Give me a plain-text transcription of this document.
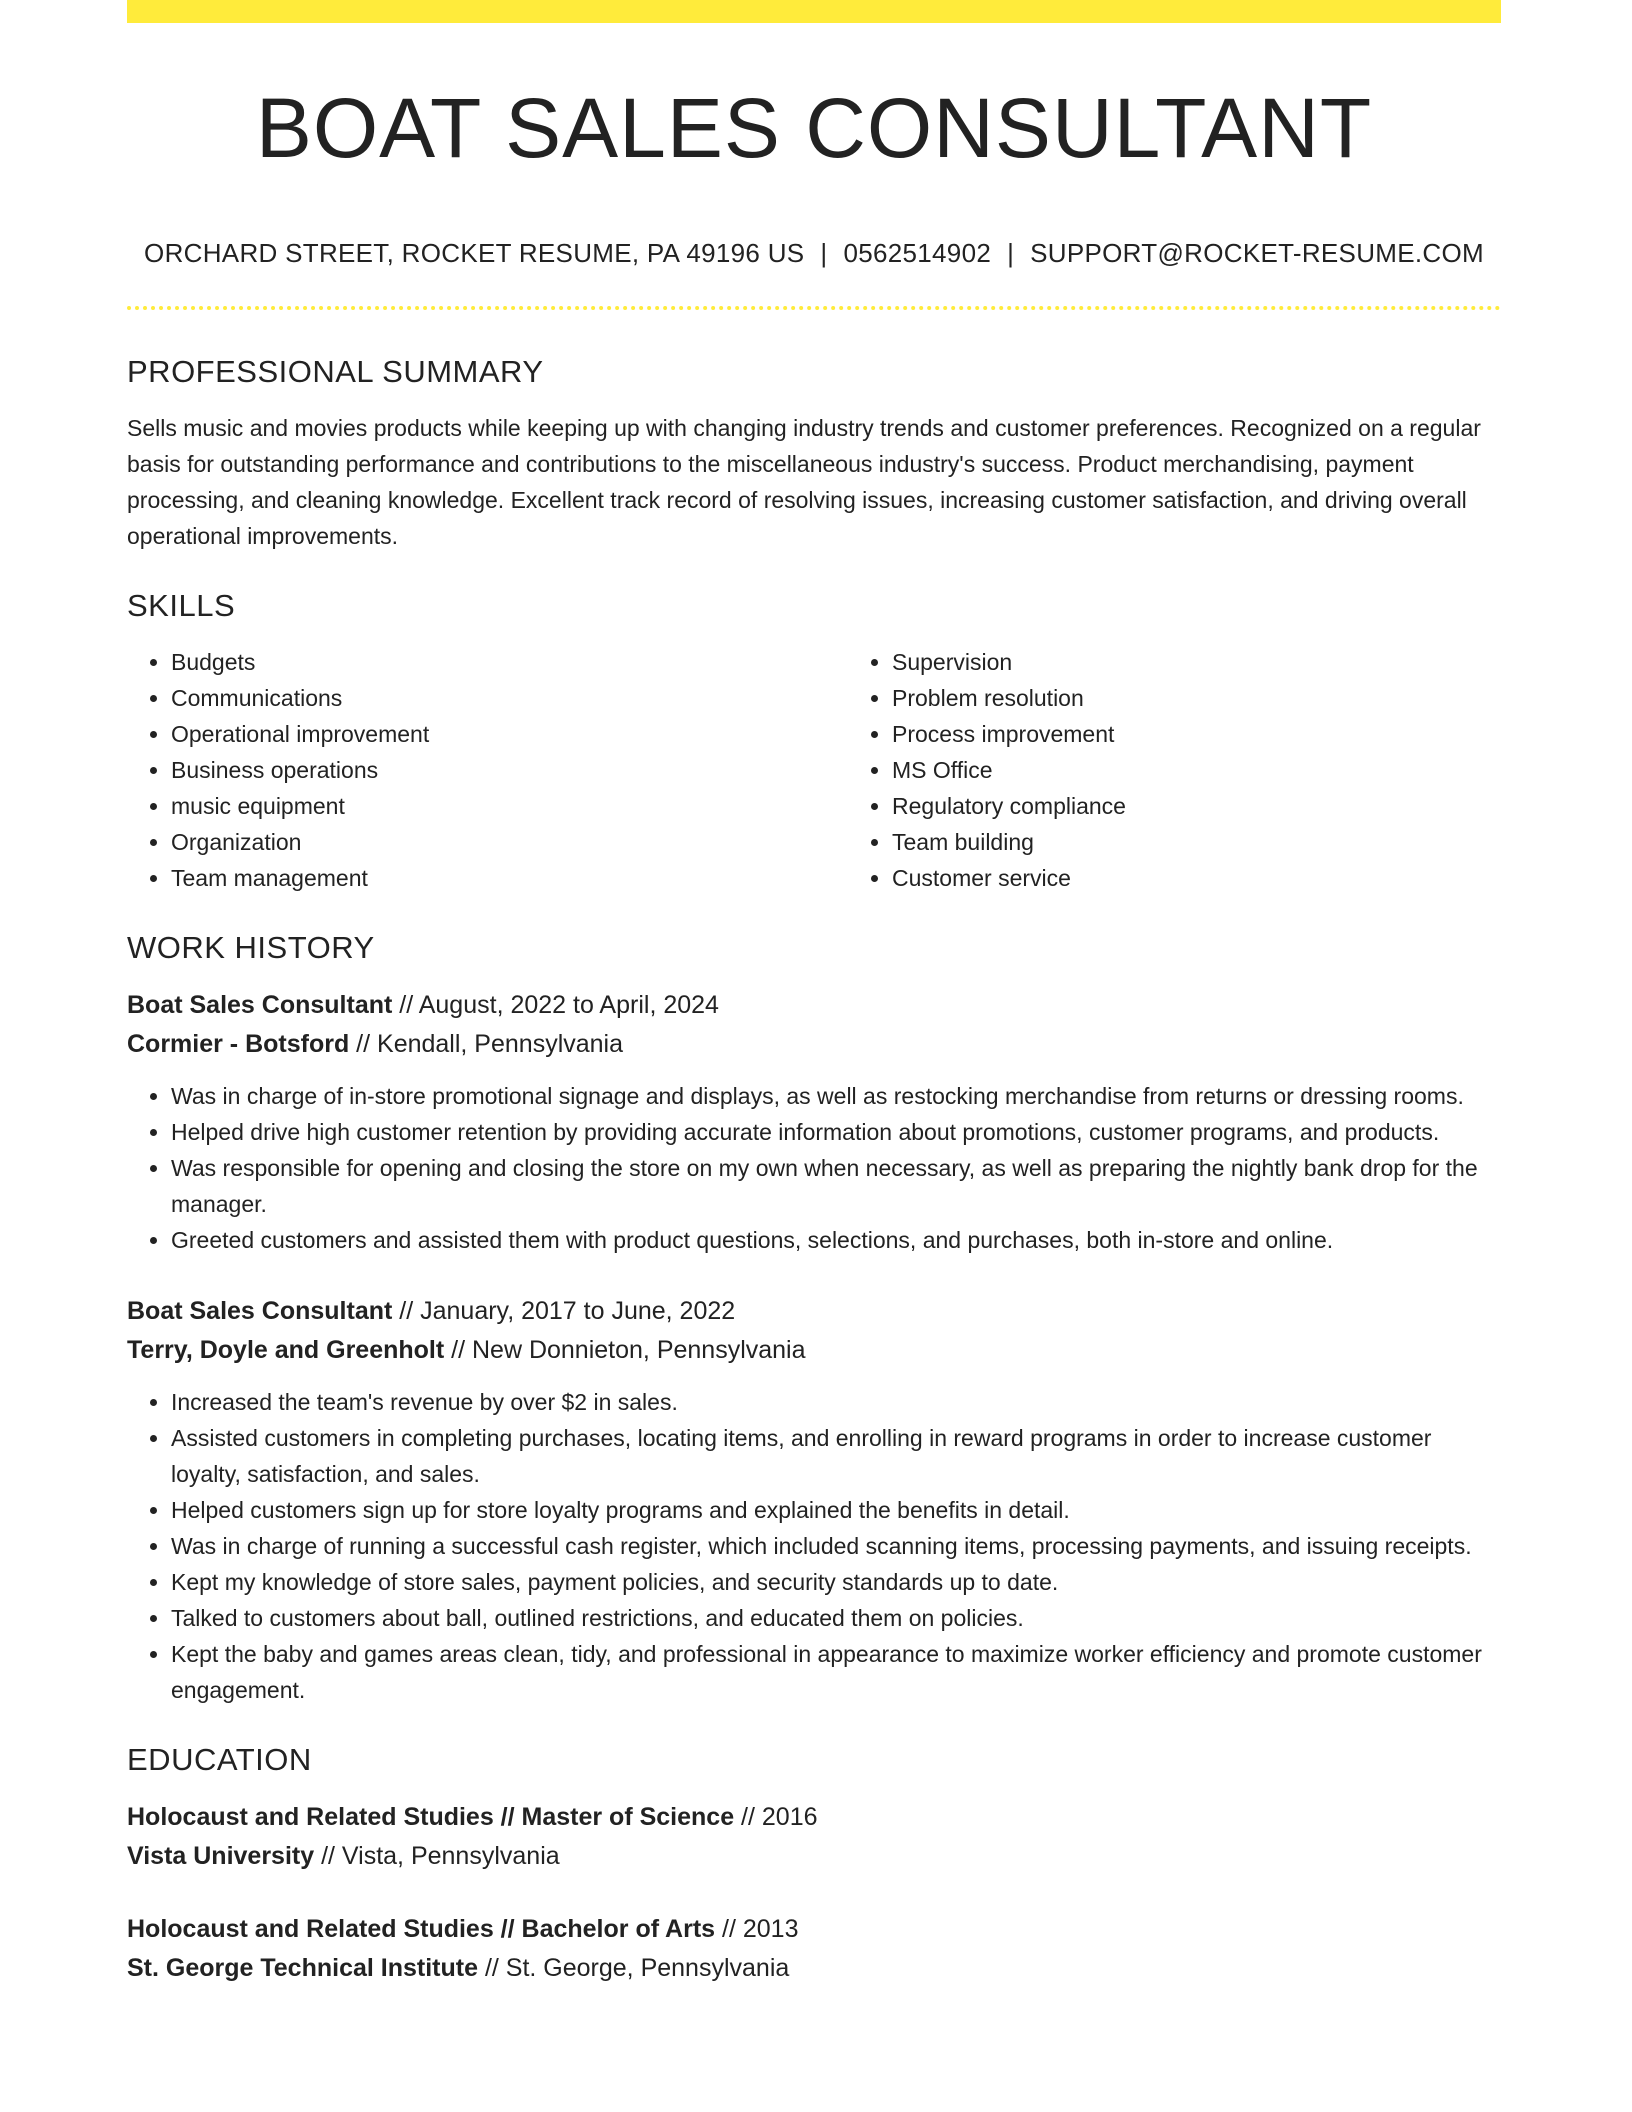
BOAT SALES CONSULTANT
ORCHARD STREET, ROCKET RESUME, PA 49196 US | 0562514902 | SUPPORT@ROCKET-RESUME.COM
PROFESSIONAL SUMMARY

Sells music and movies products while keeping up with changing industry trends and customer preferences. Recognized on a regular basis for outstanding performance and contributions to the miscellaneous industry's success. Product merchandising, payment processing, and cleaning knowledge. Excellent track record of resolving issues, increasing customer satisfaction, and driving overall operational improvements.

SKILLS
• Budgets
• Communications
• Operational improvement
• Business operations
• music equipment
• Organization
• Team management
• Supervision
• Problem resolution
• Process improvement
• MS Office
• Regulatory compliance
• Team building
• Customer service
WORK HISTORY
Boat Sales Consultant // August, 2022 to April, 2024
Cormier - Botsford // Kendall, Pennsylvania
• Was in charge of in-store promotional signage and displays, as well as restocking merchandise from returns or dressing rooms.
• Helped drive high customer retention by providing accurate information about promotions, customer programs, and products.
• Was responsible for opening and closing the store on my own when necessary, as well as preparing the nightly bank drop for the manager.
• Greeted customers and assisted them with product questions, selections, and purchases, both in-store and online.
Boat Sales Consultant // January, 2017 to June, 2022
Terry, Doyle and Greenholt // New Donnieton, Pennsylvania
• Increased the team's revenue by over $2 in sales.
• Assisted customers in completing purchases, locating items, and enrolling in reward programs in order to increase customer loyalty, satisfaction, and sales.
• Helped customers sign up for store loyalty programs and explained the benefits in detail.
• Was in charge of running a successful cash register, which included scanning items, processing payments, and issuing receipts.
• Kept my knowledge of store sales, payment policies, and security standards up to date.
• Talked to customers about ball, outlined restrictions, and educated them on policies.
• Kept the baby and games areas clean, tidy, and professional in appearance to maximize worker efficiency and promote customer engagement.
EDUCATION
Holocaust and Related Studies // Master of Science // 2016
Vista University // Vista, Pennsylvania
Holocaust and Related Studies // Bachelor of Arts // 2013
St. George Technical Institute // St. George, Pennsylvania
